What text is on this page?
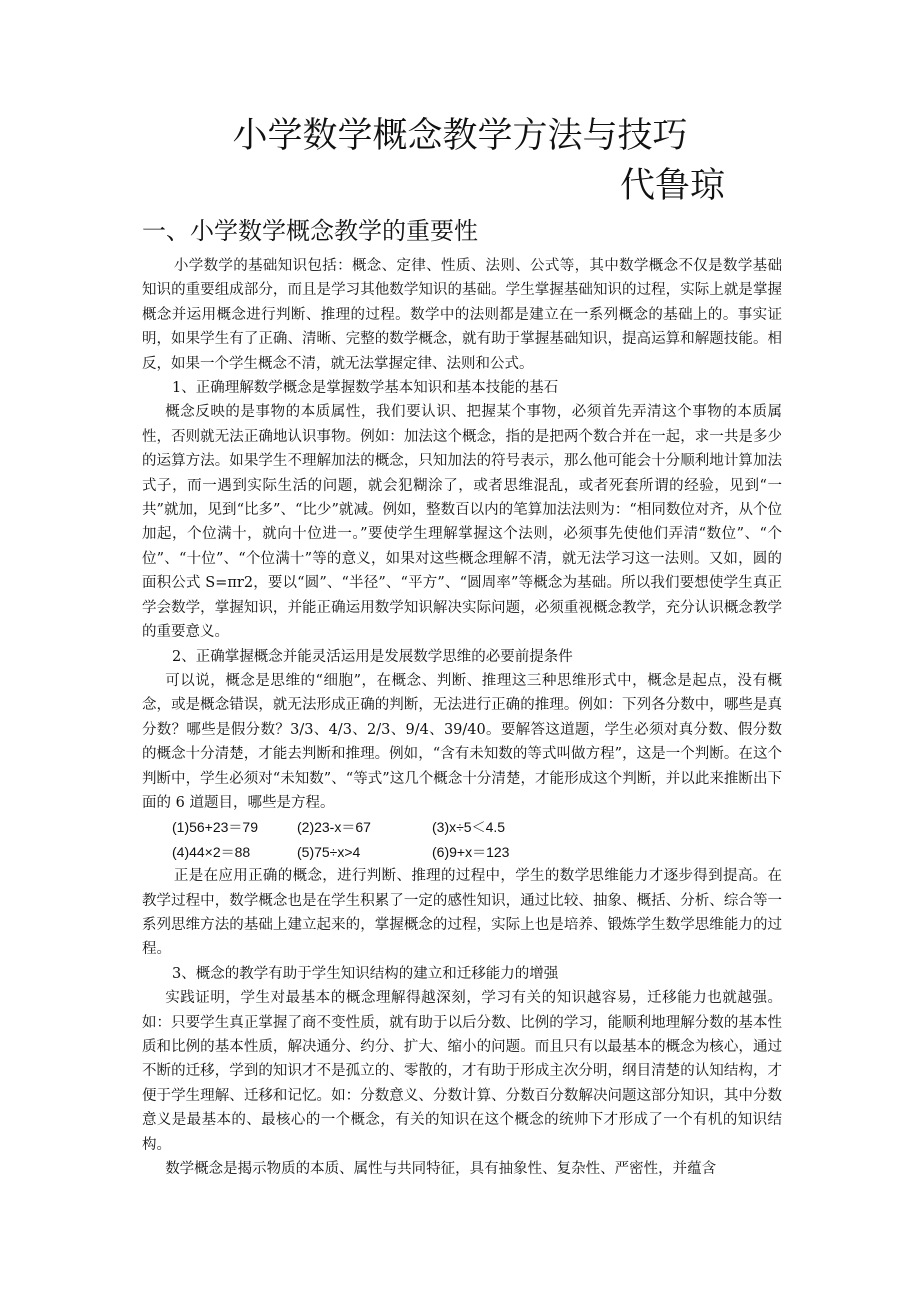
小学数学概念教学方法与技巧
代鲁琼
一、小学数学概念教学的重要性

小学数学的基础知识包括：概念、定律、性质、法则、公式等，其中数学概念不仅是数学基础知识的重要组成部分，而且是学习其他数学知识的基础。学生掌握基础知识的过程，实际上就是掌握概念并运用概念进行判断、推理的过程。数学中的法则都是建立在一系列概念的基础上的。事实证明，如果学生有了正确、清晰、完整的数学概念，就有助于掌握基础知识，提高运算和解题技能。相反，如果一个学生概念不清，就无法掌握定律、法则和公式。

1、正确理解数学概念是掌握数学基本知识和基本技能的基石

概念反映的是事物的本质属性，我们要认识、把握某个事物，必须首先弄清这个事物的本质属性，否则就无法正确地认识事物。例如：加法这个概念，指的是把两个数合并在一起，求一共是多少的运算方法。如果学生不理解加法的概念，只知加法的符号表示，那么他可能会十分顺利地计算加法式子，而一遇到实际生活的问题，就会犯糊涂了，或者思维混乱，或者死套所谓的经验，见到“一共”就加，见到“比多”、“比少”就减。例如，整数百以内的笔算加法法则为：“相同数位对齐，从个位加起，个位满十，就向十位进一。”要使学生理解掌握这个法则，必须事先使他们弄清“数位”、“个位”、“十位”、“个位满十”等的意义，如果对这些概念理解不清，就无法学习这一法则。又如，圆的面积公式 S=πr2，要以“圆”、“半径”、“平方”、“圆周率”等概念为基础。所以我们要想使学生真正学会数学，掌握知识，并能正确运用数学知识解决实际问题，必须重视概念教学，充分认识概念教学的重要意义。

2、正确掌握概念并能灵活运用是发展数学思维的必要前提条件

可以说，概念是思维的“细胞”，在概念、判断、推理这三种思维形式中，概念是起点，没有概念，或是概念错误，就无法形成正确的判断，无法进行正确的推理。例如：下列各分数中，哪些是真分数？哪些是假分数？3/3、4/3、2/3、9/4、39/40。要解答这道题，学生必须对真分数、假分数的概念十分清楚，才能去判断和推理。例如，“含有未知数的等式叫做方程”，这是一个判断。在这个判断中，学生必须对“未知数”、“等式”这几个概念十分清楚，才能形成这个判断，并以此来推断出下面的 6 道题目，哪些是方程。

(1)56+23＝79	(2)23-x＝67	(3)x÷5＜4.5
(4)44×2＝88	(5)75÷x>4	(6)9+x＝123

正是在应用正确的概念，进行判断、推理的过程中，学生的数学思维能力才逐步得到提高。在教学过程中，数学概念也是在学生积累了一定的感性知识，通过比较、抽象、概括、分析、综合等一系列思维方法的基础上建立起来的，掌握概念的过程，实际上也是培养、锻炼学生数学思维能力的过程。

3、概念的教学有助于学生知识结构的建立和迁移能力的增强

实践证明，学生对最基本的概念理解得越深刻，学习有关的知识越容易，迁移能力也就越强。如：只要学生真正掌握了商不变性质，就有助于以后分数、比例的学习，能顺利地理解分数的基本性质和比例的基本性质，解决通分、约分、扩大、缩小的问题。而且只有以最基本的概念为核心，通过不断的迁移，学到的知识才不是孤立的、零散的，才有助于形成主次分明，纲目清楚的认知结构，才便于学生理解、迁移和记忆。如：分数意义、分数计算、分数百分数解决问题这部分知识，其中分数意义是最基本的、最核心的一个概念，有关的知识在这个概念的统帅下才形成了一个有机的知识结构。

数学概念是揭示物质的本质、属性与共同特征，具有抽象性、复杂性、严密性，并蕴含
